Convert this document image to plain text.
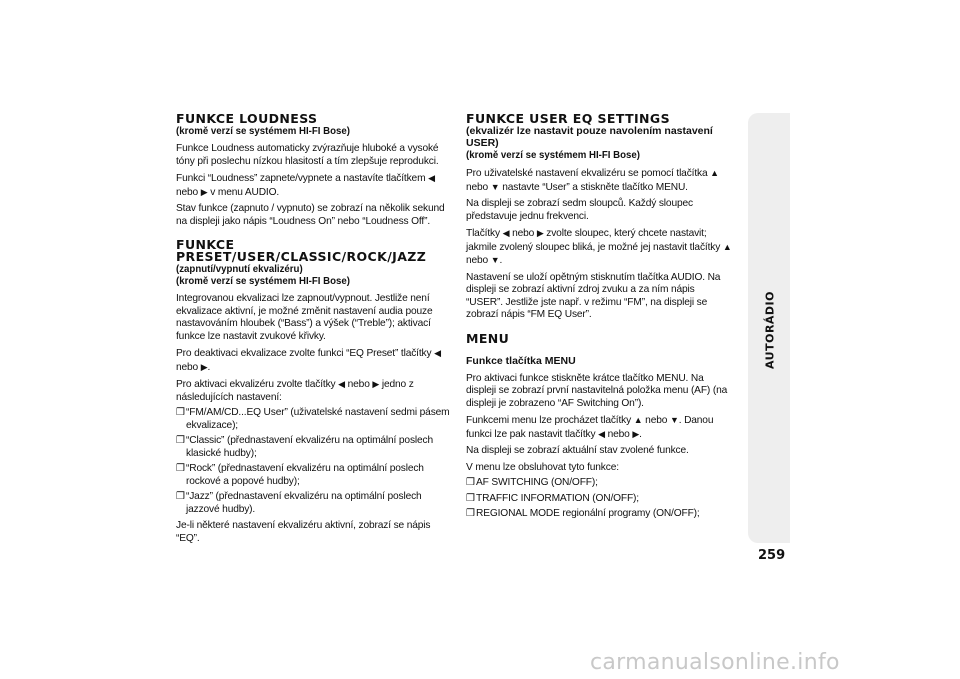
FUNKCE LOUDNESS
(kromě verzí se systémem HI-FI Bose)

Funkce Loudness automaticky zvýrazňuje hluboké a vysoké tóny při poslechu nízkou hlasitostí a tím zlepšuje reprodukci.

Funkci “Loudness” zapnete/vypnete a nastavíte tlačítkem ◀ nebo ▶ v menu AUDIO.

Stav funkce (zapnuto / vypnuto) se zobrazí na několik sekund na displeji jako nápis “Loudness On” nebo “Loudness Off”.

FUNKCE
PRESET/USER/CLASSIC/ROCK/JAZZ
(zapnutí/vypnutí ekvalizéru)
(kromě verzí se systémem HI-FI Bose)

Integrovanou ekvalizaci lze zapnout/vypnout. Jestliže není ekvalizace aktivní, je možné změnit nastavení audia pouze nastavováním hloubek (“Bass”) a výšek (“Treble”); aktivací funkce lze nastavit zvukové křivky.

Pro deaktivaci ekvalizace zvolte funkci “EQ Preset” tlačítky ◀ nebo ▶.

Pro aktivaci ekvalizéru zvolte tlačítky ◀ nebo ▶ jedno z následujících nastavení:

❒ “FM/AM/CD...EQ User” (uživatelské nastavení sedmi pásem ekvalizace);
❒ “Classic” (přednastavení ekvalizéru na optimální poslech klasické hudby);
❒ “Rock” (přednastavení ekvalizéru na optimální poslech rockové a popové hudby);
❒ “Jazz” (přednastavení ekvalizéru na optimální poslech jazzové hudby).

Je-li některé nastavení ekvalizéru aktivní, zobrazí se nápis “EQ”.

FUNKCE USER EQ SETTINGS
(ekvalizér lze nastavit pouze navolením nastavení USER)
(kromě verzí se systémem HI-FI Bose)

Pro uživatelské nastavení ekvalizéru se pomocí tlačítka ▲ nebo ▼ nastavte “User” a stiskněte tlačítko MENU.

Na displeji se zobrazí sedm sloupců. Každý sloupec představuje jednu frekvenci.

Tlačítky ◀ nebo ▶ zvolte sloupec, který chcete nastavit; jakmile zvolený sloupec bliká, je možné jej nastavit tlačítky ▲ nebo ▼.

Nastavení se uloží opětným stisknutím tlačítka AUDIO. Na displeji se zobrazí aktivní zdroj zvuku a za ním nápis “USER”. Jestliže jste např. v režimu “FM”, na displeji se zobrazí nápis “FM EQ User”.

MENU
Funkce tlačítka MENU

Pro aktivaci funkce stiskněte krátce tlačítko MENU. Na displeji se zobrazí první nastavitelná položka menu (AF) (na displeji je zobrazeno “AF Switching On”).

Funkcemi menu lze procházet tlačítky ▲ nebo ▼. Danou funkci lze pak nastavit tlačítky ◀ nebo ▶.

Na displeji se zobrazí aktuální stav zvolené funkce.

V menu lze obsluhovat tyto funkce:

❒ AF SWITCHING (ON/OFF);
❒ TRAFFIC INFORMATION (ON/OFF);
❒ REGIONAL MODE regionální programy (ON/OFF);
AUTORÁDIO
259
carmanualsonline.info
